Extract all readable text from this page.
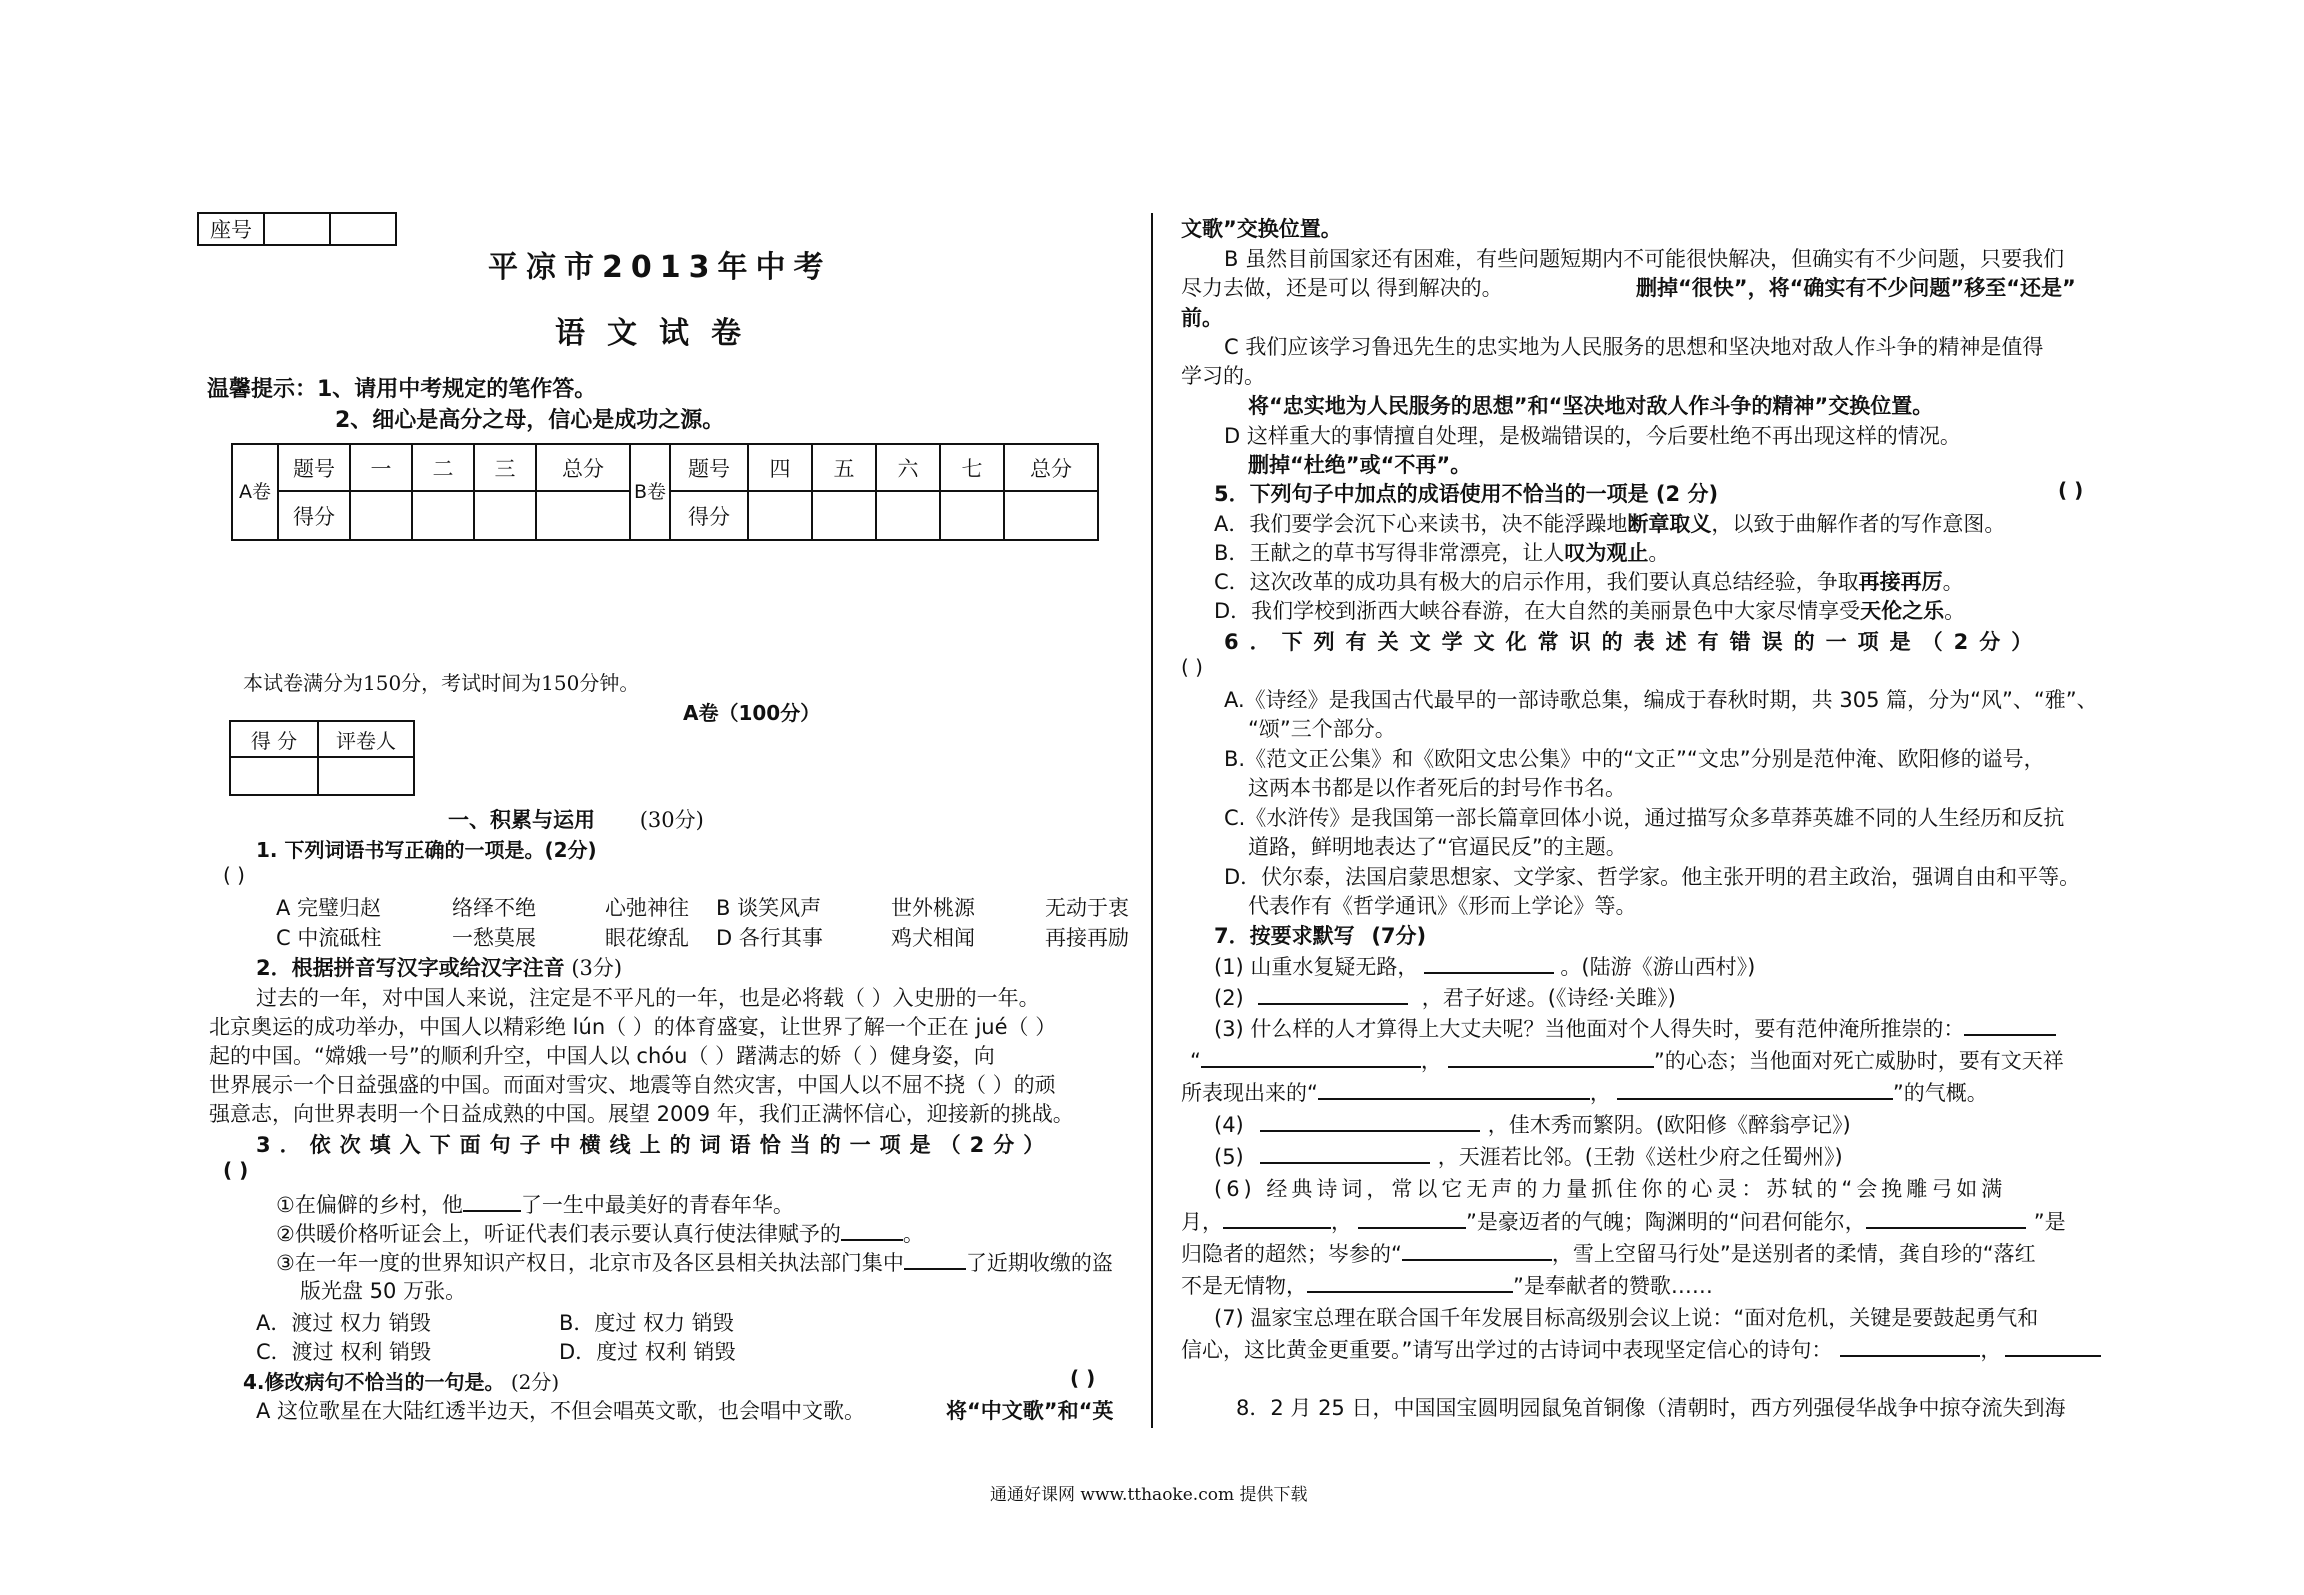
座号		
平凉市2013年中考
语文试卷
温馨提示： 1、请用中考规定的笔作答。
2、细心是高分之母，信心是成功之源。
A卷	题号	一	二	三	总分	B卷	题号	四	五	六	七	总分
	得分						得分					
本试卷满分为150分，考试时间为150分钟。
A卷（100分）
得 分	评卷人

一、积累与运用 (30分)
1. 下列词语书写正确的一项是。(2分)
( )
A 完璧归赵	络绎不绝	心弛神往 B 谈笑风声	世外桃源	无动于衷
C 中流砥柱	一愁莫展	眼花缭乱 D 各行其事	鸡犬相闻	再接再励
2．根据拼音写汉字或给汉字注音 (3分)
过去的一年，对中国人来说，注定是不平凡的一年，也是必将载（ ）入史册的一年。
北京奥运的成功举办，中国人以精彩绝 lún（ ）的体育盛宴，让世界了解一个正在 jué（ ）
起的中国。“嫦娥一号”的顺利升空，中国人以 chóu（ ）躇满志的娇（ ）健身姿，向
世界展示一个日益强盛的中国。而面对雪灾、地震等自然灾害，中国人以不屈不挠（ ）的顽
强意志，向世界表明一个日益成熟的中国。展望 2009 年，我们正满怀信心，迎接新的挑战。
3．依次填入下面句子中横线上的词语恰当的一项是（2分）
( )
①在偏僻的乡村，他	了一生中最美好的青春年华。
②供暖价格听证会上，听证代表们表示要认真行使法律赋予的	。
③在一年一度的世界知识产权日，北京市及各区县相关执法部门集中	了近期收缴的盗
版光盘 50 万张。
A．渡过 权力 销毁	B．度过 权力 销毁
C．渡过 权利 销毁	D．度过 权利 销毁
4.修改病句不恰当的一句是。 (2分)	( )
A 这位歌星在大陆红透半边天，不但会唱英文歌，也会唱中文歌。	将“中文歌”和“英
文歌”交换位置。
B 虽然目前国家还有困难，有些问题短期内不可能很快解决，但确实有不少问题，只要我们
尽力去做，还是可以 得到解决的。	删掉“很快”，将“确实有不少问题”移至“还是”
前。
C 我们应该学习鲁迅先生的忠实地为人民服务的思想和坚决地对敌人作斗争的精神是值得
学习的。
将“忠实地为人民服务的思想”和“坚决地对敌人作斗争的精神”交换位置。
D 这样重大的事情擅自处理，是极端错误的，今后要杜绝不再出现这样的情况。
删掉“杜绝”或“不再”。
5．下列句子中加点的成语使用不恰当的一项是 (2 分)	( )
A．我们要学会沉下心来读书，决不能浮躁地断章取义，以致于曲解作者的写作意图。
B．王献之的草书写得非常漂亮，让人叹为观止。
C．这次改革的成功具有极大的启示作用，我们要认真总结经验，争取再接再厉。
D．我们学校到浙西大峡谷春游，在大自然的美丽景色中大家尽情享受天伦之乐。
6．下列有关文学文化常识的表述有错误的一项是（2分）
( )
A.《诗经》是我国古代最早的一部诗歌总集，编成于春秋时期，共 305 篇，分为“风”、“雅”、
“颂”三个部分。
B.《范文正公集》和《欧阳文忠公集》中的“文正”“文忠”分别是范仲淹、欧阳修的谥号，
这两本书都是以作者死后的封号作书名。
C.《水浒传》是我国第一部长篇章回体小说，通过描写众多草莽英雄不同的人生经历和反抗
道路，鲜明地表达了“官逼民反”的主题。
D．伏尔泰，法国启蒙思想家、文学家、哲学家。他主张开明的君主政治，强调自由和平等。
代表作有《哲学通讯》《形而上学论》等。
7．按要求默写 (7分)
(1) 山重水复疑无路，	。(陆游《游山西村》)
(2)	，君子好逑。(《诗经·关雎》)
(3) 什么样的人才算得上大丈夫呢？当他面对个人得失时，要有范仲淹所推崇的：
“	，	”的心态；当他面对死亡威胁时，要有文天祥
所表现出来的“	，	”的气概。
(4)	，佳木秀而繁阴。(欧阳修《醉翁亭记》)
(5)	，天涯若比邻。(王勃《送杜少府之任蜀州》)
(6) 经典诗词，常以它无声的力量抓住你的心灵：苏轼的“会挽雕弓如满
月，	，	”是豪迈者的气魄；陶渊明的“问君何能尔，	”是
归隐者的超然；岑参的“	，雪上空留马行处”是送别者的柔情，龚自珍的“落红
不是无情物，	”是奉献者的赞歌……
(7) 温家宝总理在联合国千年发展目标高级别会议上说：“面对危机，关键是要鼓起勇气和
信心，这比黄金更重要。”请写出学过的古诗词中表现坚定信心的诗句：	，
8．2 月 25 日，中国国宝圆明园鼠兔首铜像（清朝时，西方列强侵华战争中掠夺流失到海
通通好课网 www.tthaoke.com 提供下载
